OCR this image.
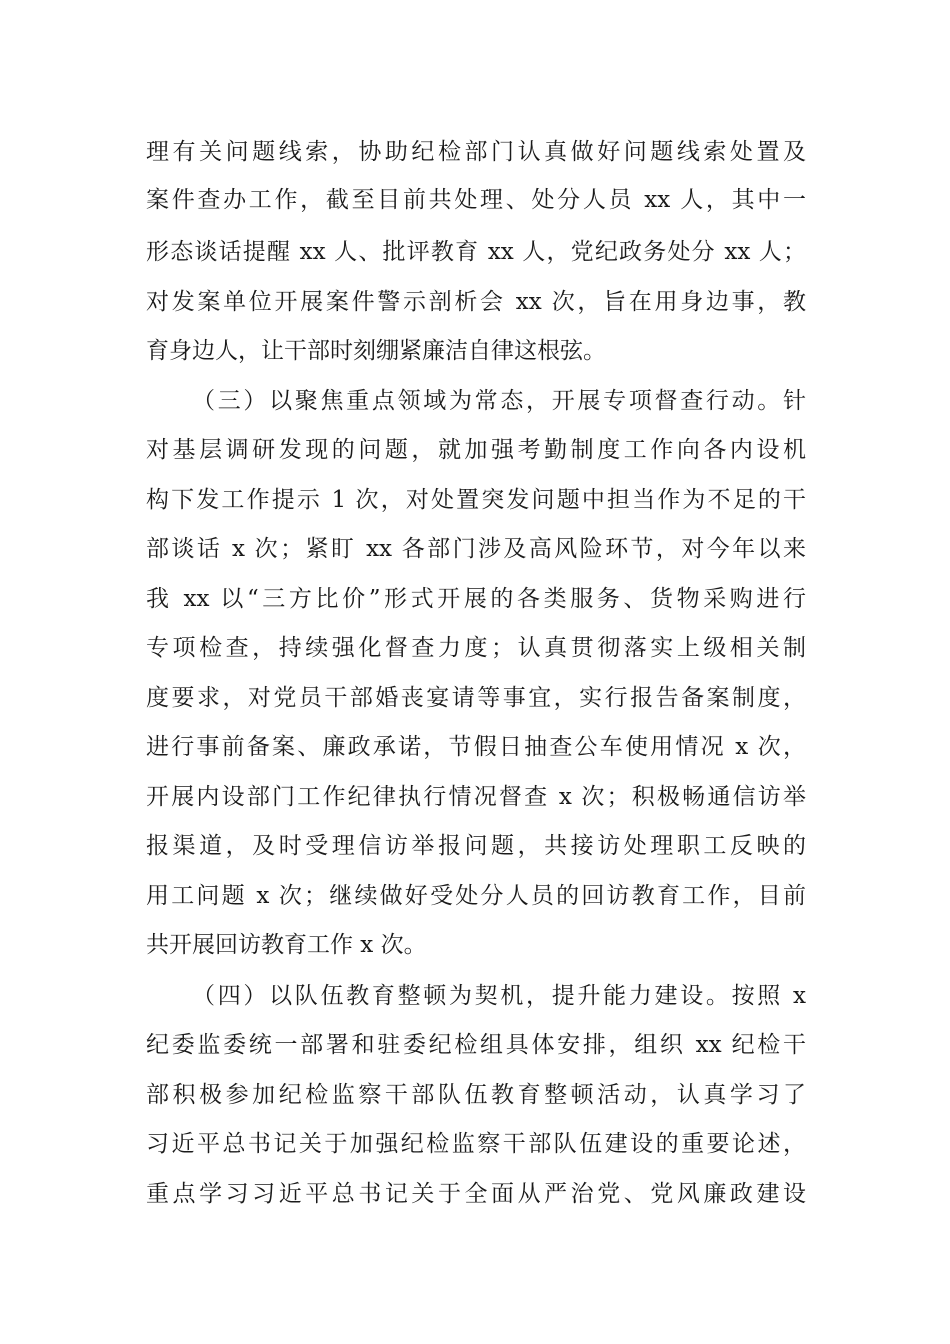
理有关问题线索，协助纪检部门认真做好问题线索处置及
案件查办工作，截至目前共处理、处分人员 xx 人，其中一
形态谈话提醒 xx 人、批评教育 xx 人，党纪政务处分 xx 人；
对发案单位开展案件警示剖析会 xx 次，旨在用身边事，教
育身边人，让干部时刻绷紧廉洁自律这根弦。
（三）以聚焦重点领域为常态，开展专项督查行动。针
对基层调研发现的问题，就加强考勤制度工作向各内设机
构下发工作提示 1 次，对处置突发问题中担当作为不足的干
部谈话 x 次；紧盯 xx 各部门涉及高风险环节，对今年以来
我 xx 以“三方比价”形式开展的各类服务、货物采购进行
专项检查，持续强化督查力度；认真贯彻落实上级相关制
度要求，对党员干部婚丧宴请等事宜，实行报告备案制度，
进行事前备案、廉政承诺，节假日抽查公车使用情况 x 次，
开展内设部门工作纪律执行情况督查 x 次；积极畅通信访举
报渠道，及时受理信访举报问题，共接访处理职工反映的
用工问题 x 次；继续做好受处分人员的回访教育工作，目前
共开展回访教育工作 x 次。
（四）以队伍教育整顿为契机，提升能力建设。按照 x
纪委监委统一部署和驻委纪检组具体安排，组织 xx 纪检干
部积极参加纪检监察干部队伍教育整顿活动，认真学习了
习近平总书记关于加强纪检监察干部队伍建设的重要论述，
重点学习习近平总书记关于全面从严治党、党风廉政建设
